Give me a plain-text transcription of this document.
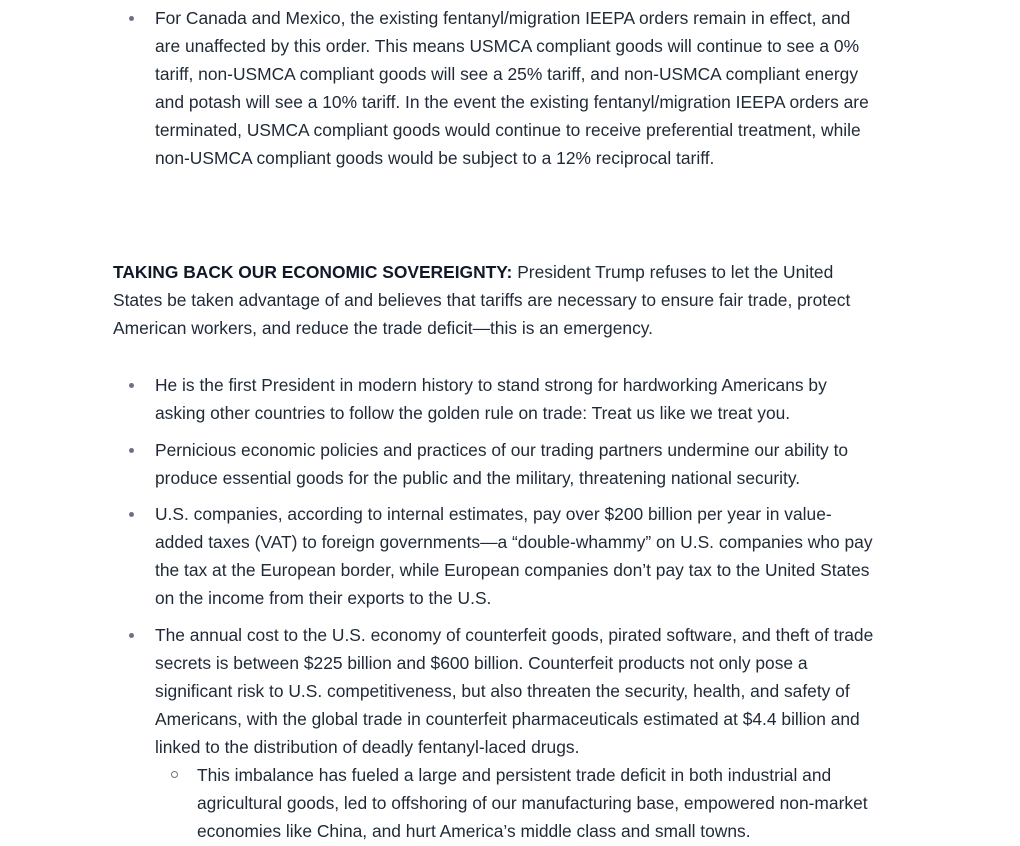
For Canada and Mexico, the existing fentanyl/migration IEEPA orders remain in effect, and are unaffected by this order. This means USMCA compliant goods will continue to see a 0% tariff, non-USMCA compliant goods will see a 25% tariff, and non-USMCA compliant energy and potash will see a 10% tariff. In the event the existing fentanyl/migration IEEPA orders are terminated, USMCA compliant goods would continue to receive preferential treatment, while non-USMCA compliant goods would be subject to a 12% reciprocal tariff.

TAKING BACK OUR ECONOMIC SOVEREIGNTY: President Trump refuses to let the United States be taken advantage of and believes that tariffs are necessary to ensure fair trade, protect American workers, and reduce the trade deficit—this is an emergency.

He is the first President in modern history to stand strong for hardworking Americans by asking other countries to follow the golden rule on trade: Treat us like we treat you.
Pernicious economic policies and practices of our trading partners undermine our ability to produce essential goods for the public and the military, threatening national security.
U.S. companies, according to internal estimates, pay over $200 billion per year in value-added taxes (VAT) to foreign governments—a “double-whammy” on U.S. companies who pay the tax at the European border, while European companies don’t pay tax to the United States on the income from their exports to the U.S.
The annual cost to the U.S. economy of counterfeit goods, pirated software, and theft of trade secrets is between $225 billion and $600 billion. Counterfeit products not only pose a significant risk to U.S. competitiveness, but also threaten the security, health, and safety of Americans, with the global trade in counterfeit pharmaceuticals estimated at $4.4 billion and linked to the distribution of deadly fentanyl-laced drugs.
This imbalance has fueled a large and persistent trade deficit in both industrial and agricultural goods, led to offshoring of our manufacturing base, empowered non-market economies like China, and hurt America’s middle class and small towns.
